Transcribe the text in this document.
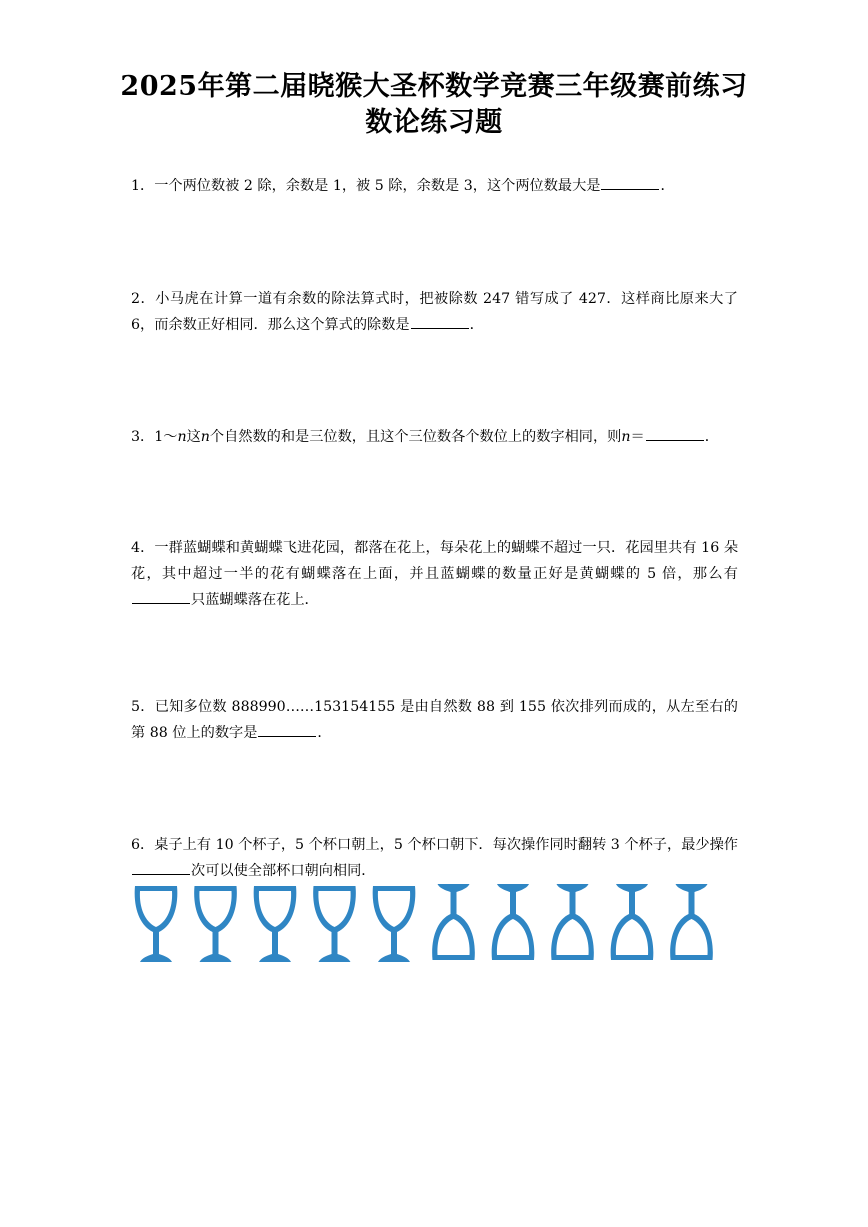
2025年第二届晓猴大圣杯数学竞赛三年级赛前练习
数论练习题
1．一个两位数被 2 除，余数是 1，被 5 除，余数是 3，这个两位数最大是	．
2．小马虎在计算一道有余数的除法算式时，把被除数 247 错写成了 427．这样商比原来大了 6，而余数正好相同．那么这个算式的除数是	．
3．1～n这n个自然数的和是三位数，且这个三位数各个数位上的数字相同，则n＝	．
4．一群蓝蝴蝶和黄蝴蝶飞进花园，都落在花上，每朵花上的蝴蝶不超过一只．花园里共有 16 朵花，其中超过一半的花有蝴蝶落在上面，并且蓝蝴蝶的数量正好是黄蝴蝶的 5 倍，那么有只蓝蝴蝶落在花上．
5．已知多位数 888990……153154155 是由自然数 88 到 155 依次排列而成的，从左至右的第 88 位上的数字是	．
6．桌子上有 10 个杯子，5 个杯口朝上，5 个杯口朝下．每次操作同时翻转 3 个杯子，最少操作次可以使全部杯口朝向相同．
